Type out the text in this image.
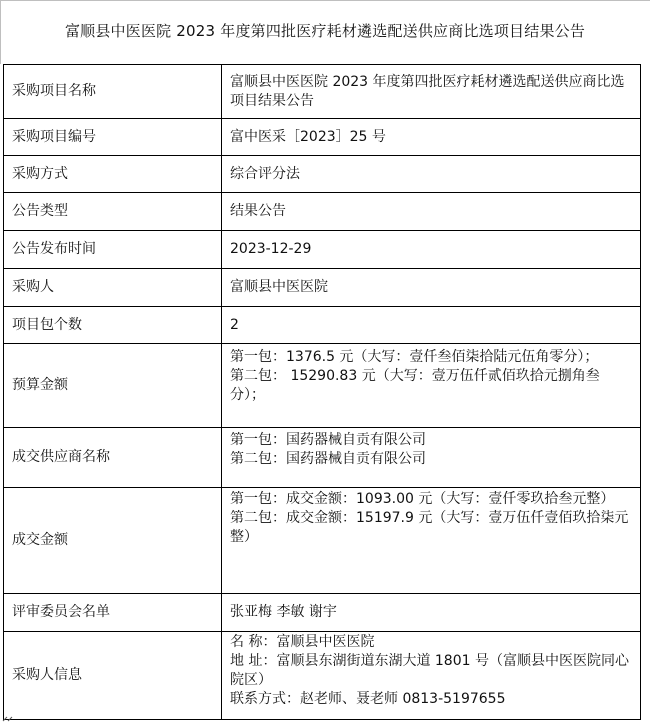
富顺县中医医院 2023 年度第四批医疗耗材遴选配送供应商比选项目结果公告
采购项目名称	富顺县中医医院 2023 年度第四批医疗耗材遴选配送供应商比选项目结果公告

采购项目编号	富中医采［2023］25 号

采购方式	综合评分法

公告类型	结果公告

公告发布时间	2023-12-29

采购人	富顺县中医医院

项目包个数	2

预算金额	第一包：1376.5 元（大写：壹仟叁佰柒拾陆元伍角零分）；
第二包： 15290.83 元（大写：壹万伍仟贰佰玖拾元捌角叁分）；

成交供应商名称	第一包：国药器械自贡有限公司
第二包：国药器械自贡有限公司

成交金额	第一包：成交金额：1093.00 元（大写：壹仟零玖拾叁元整）
第二包：成交金额：15197.9 元（大写：壹万伍仟壹佰玖拾柒元整）

评审委员会名单	张亚梅 李敏 谢宇

采购人信息	名 称：富顺县中医医院
地 址：富顺县东湖街道东湖大道 1801 号（富顺县中医医院同心院区）
联系方式：赵老师、聂老师 0813-5197655
